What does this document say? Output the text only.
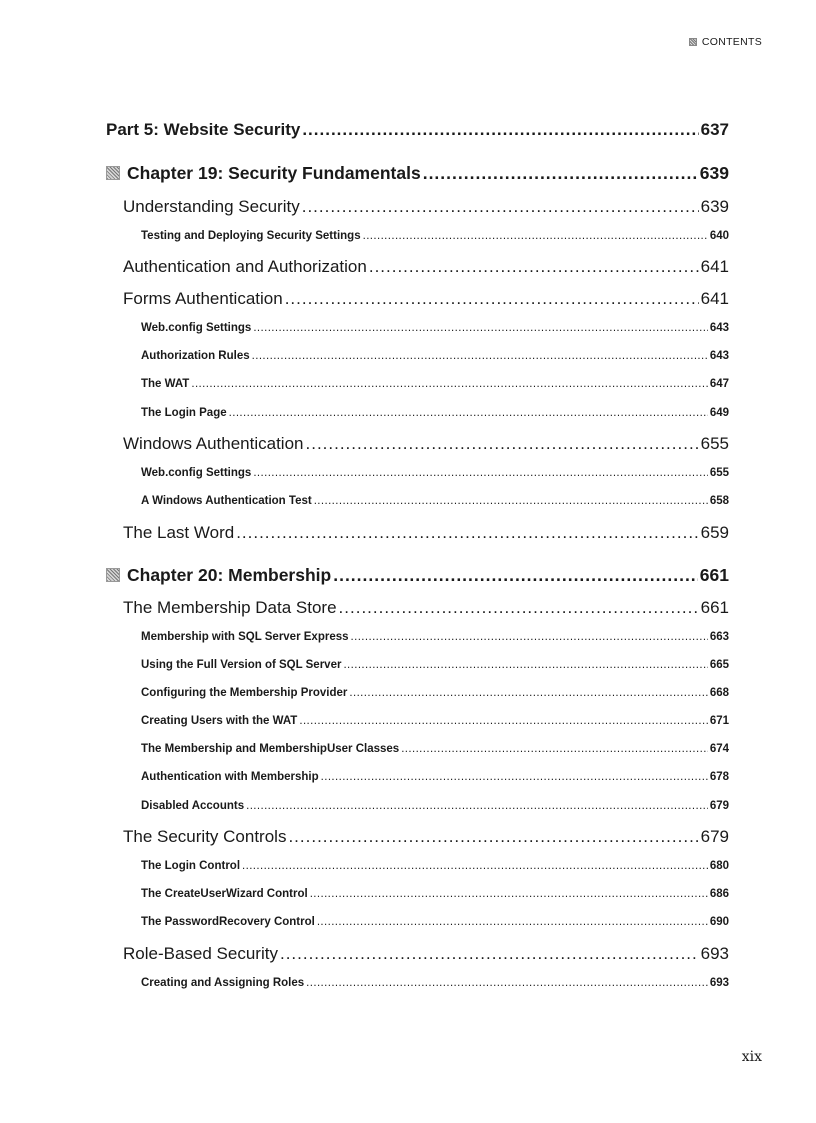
CONTENTS
Part 5: Website Security .....	637
Chapter 19: Security Fundamentals .....	639
Understanding Security .....	639
Testing and Deploying Security Settings .....	640
Authentication and Authorization .....	641
Forms Authentication .....	641
Web.config Settings .....	643
Authorization Rules .....	643
The WAT .....	647
The Login Page .....	649
Windows Authentication .....	655
Web.config Settings .....	655
A Windows Authentication Test .....	658
The Last Word .....	659
Chapter 20: Membership .....	661
The Membership Data Store .....	661
Membership with SQL Server Express .....	663
Using the Full Version of SQL Server .....	665
Configuring the Membership Provider .....	668
Creating Users with the WAT .....	671
The Membership and MembershipUser Classes .....	674
Authentication with Membership .....	678
Disabled Accounts .....	679
The Security Controls .....	679
The Login Control .....	680
The CreateUserWizard Control .....	686
The PasswordRecovery Control .....	690
Role-Based Security .....	693
Creating and Assigning Roles .....	693
xix
